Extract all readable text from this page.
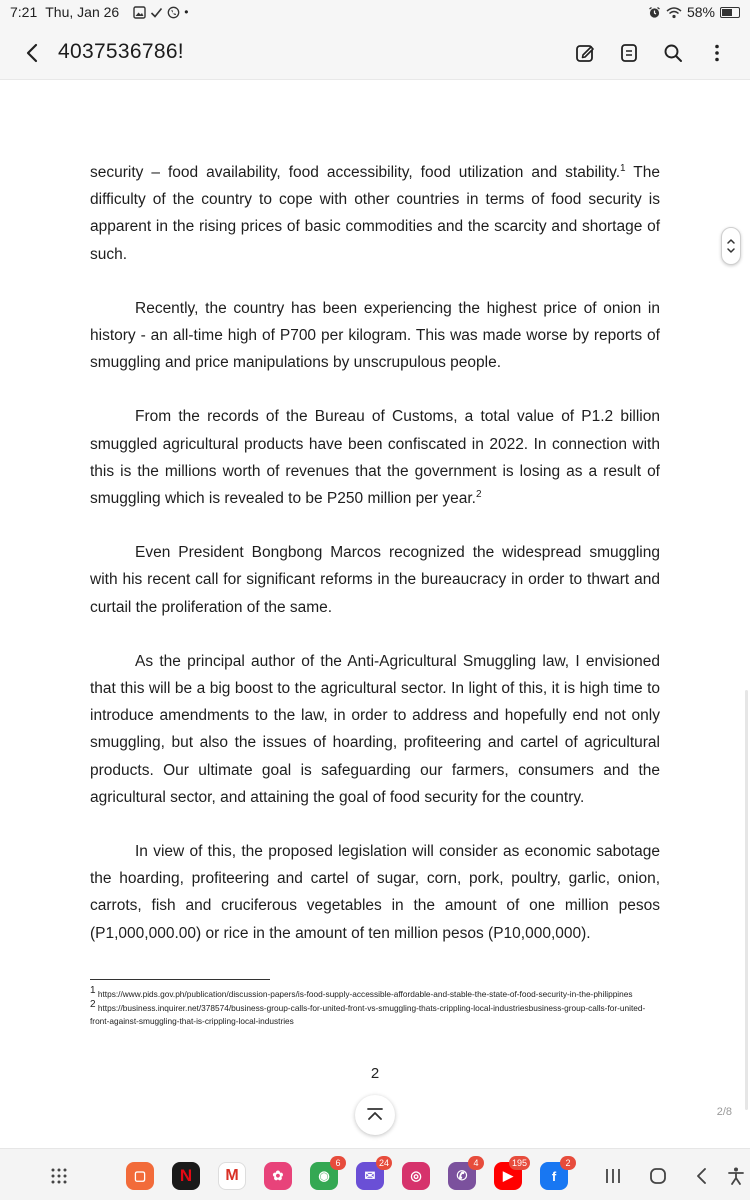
7:21 Thu, Jan 26	•	58%
4037536786!

security – food availability, food accessibility, food utilization and stability.$^1$ The difficulty of the country to cope with other countries in terms of food security is apparent in the rising prices of basic commodities and the scarcity and shortage of such.

Recently, the country has been experiencing the highest price of onion in history - an all-time high of P700 per kilogram. This was made worse by reports of smuggling and price manipulations by unscrupulous people.

From the records of the Bureau of Customs, a total value of P1.2 billion smuggled agricultural products have been confiscated in 2022. In connection with this is the millions worth of revenues that the government is losing as a result of smuggling which is revealed to be P250 million per year.$^2$

Even President Bongbong Marcos recognized the widespread smuggling with his recent call for significant reforms in the bureaucracy in order to thwart and curtail the proliferation of the same.

As the principal author of the Anti-Agricultural Smuggling law, I envisioned that this will be a big boost to the agricultural sector. In light of this, it is high time to introduce amendments to the law, in order to address and hopefully end not only smuggling, but also the issues of hoarding, profiteering and cartel of agricultural products. Our ultimate goal is safeguarding our farmers, consumers and the agricultural sector, and attaining the goal of food security for the country.

In view of this, the proposed legislation will consider as economic sabotage the hoarding, profiteering and cartel of sugar, corn, pork, poultry, garlic, onion, carrots, fish and cruciferous vegetables in the amount of one million pesos (P1,000,000.00) or rice in the amount of ten million pesos (P10,000,000).

$^1$ https://www.pids.gov.ph/publication/discussion-papers/is-food-supply-accessible-affordable-and-stable-the-state-of-food-security-in-the-philippines
$^2$ https://business.inquirer.net/378574/business-group-calls-for-united-front-vs-smuggling-thats-crippling-local-industriesbusiness-group-calls-for-united-front-against-smuggling-that-is-crippling-local-industries
2
2/8
▢ N M	✿	◉
6
✉
24
◎	✆
4
▶
195
f
2
